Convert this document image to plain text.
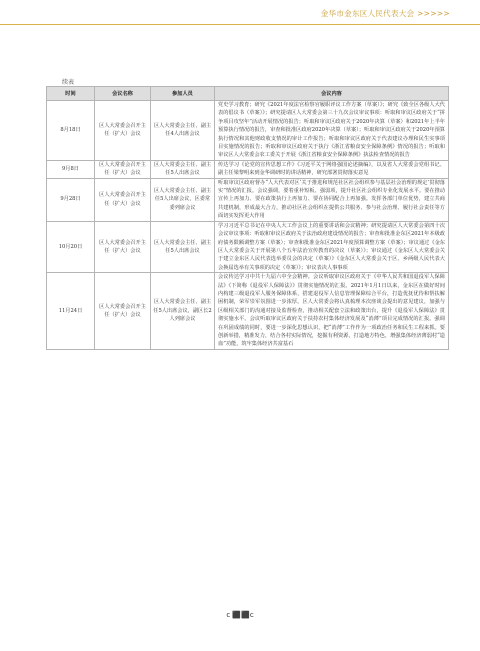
金华市金东区人民代表大会 >>>>>
续表
时间	会议名称	参加人员	会议内容
8月18日	区人大常委会召开主任（扩大）会议	区人大常委会主任、副主任4人出席会议	党史学习教育；研究《2021年度法官检察官履职评议工作方案（草案）》；研究《致全区各级人大代表的倡议书（草案）》；研究提请区人大常委会第三十九次会议审议事项：听取和审议区政府关于“拼争项目攻坚年”活动开展情况的报告；听取和审议区政府关于2020年决算（草案）和2021年上半年预算执行情况的报告，审查和批准区政府2020年决算（草案）；听取和审议区政府关于2020年预算执行情况和其他财政收支情况的审计工作报告；听取和审议区政府关于代表建议办理和民生实事项目实施情况的报告；听取和审议区政府关于执行《浙江省粮食安全保障条例》情况的报告；听取和审议区人大常委会农工委关于开展《浙江省粮食安全保障条例》执法检查情况的报告
9月8日	区人大常委会召开主任（扩大）会议	区人大常委会主任、副主任5人出席会议	传达学习《论党的宣传思想工作》《习近平关于网络强国论述摘编》，以及省人大常委会党组书记、副主任梁黎明来到金华调研时的讲话精神，研究部署贯彻落实意见
9月28日	区人大常委会召开主任（扩大）会议	区人大常委会主任、副主任5人出席会议，区委常委列席会议	听取审议区政府督办“人大代表对区‘关于推进和规范社区社会组织参与基层社会治理的规定’贯彻落实”情况的汇报。会议强调，要着重补短板、强弱项，提升社区社会组织专业化发展水平。要在推动宣传上再加力、要在政策执行上再加力、要在协同配合上再加强。发挥各部门单位优势，建立共商共建机制，形成最大合力，推动社区社会组织在提供公共服务、参与社会治理、履行社会责任等方面切实发挥更大作用
10月20日	区人大常委会召开主任（扩大）会议	区人大常委会主任、副主任5人出席会议	学习习近平总书记在中央人大工作会议上的重要讲话和会议精神；研究提请区人大常委会第四十次会议审议事项：听取和审议区政府关于法治政府建设情况的报告；审查和批准金东区2021年本级政府债务限额调整方案（草案）；审查和批准金东区2021年度预算调整方案（草案）；审议通过《金东区人大常委会关于开展第八个五年法治宣传教育的决议（草案）》；审议通过《金东区人大常委会关于建立金东区人民代表选举委员会的决定（草案）》《金东区人大常委会关于区、乡两级人民代表大会换届选举有关事项的决定（草案）》；审议表决人事事项
11月24日	区人大常委会召开主任（扩大）会议	区人大常委会主任、副主任5人出席会议，副区长2人列席会议	会议传达学习中共十九届六中全会精神。会议听取审议区政府关于《中华人民共和国退役军人保障法》《下简称《退役军人保障法》》贯彻实施情况的汇报。2021年1月1日以来，金东区在做好时间内构建三级退役军人服务保障体系，搭建退役军人信息管理保障综合平台，打造优抚优待和帮扶解困机制，荣军崇军氛围进一步浓厚。区人大常委会将认真梳理本次座谈会提出的意见建议，加强与区级相关部门的沟通对接及监督检查，推动相关配套立法和政策出台，提升《退役军人保障法》贯彻实施水平。会议听取审议区政府关于扶持农村集体经济发展及“消薄”项目完成情况的汇报。强调在巩固成绩的同时，要进一步深化思想认识，把“消薄”工作作为一项政治任务和民生工程来抓。要创新举措，精准发力，结合各村实际情况，挖掘有利资源，打造地方特色，增强集体经济薄弱村“造血”功能，筑牢集体经济共富基石
c ⬛⬛c
